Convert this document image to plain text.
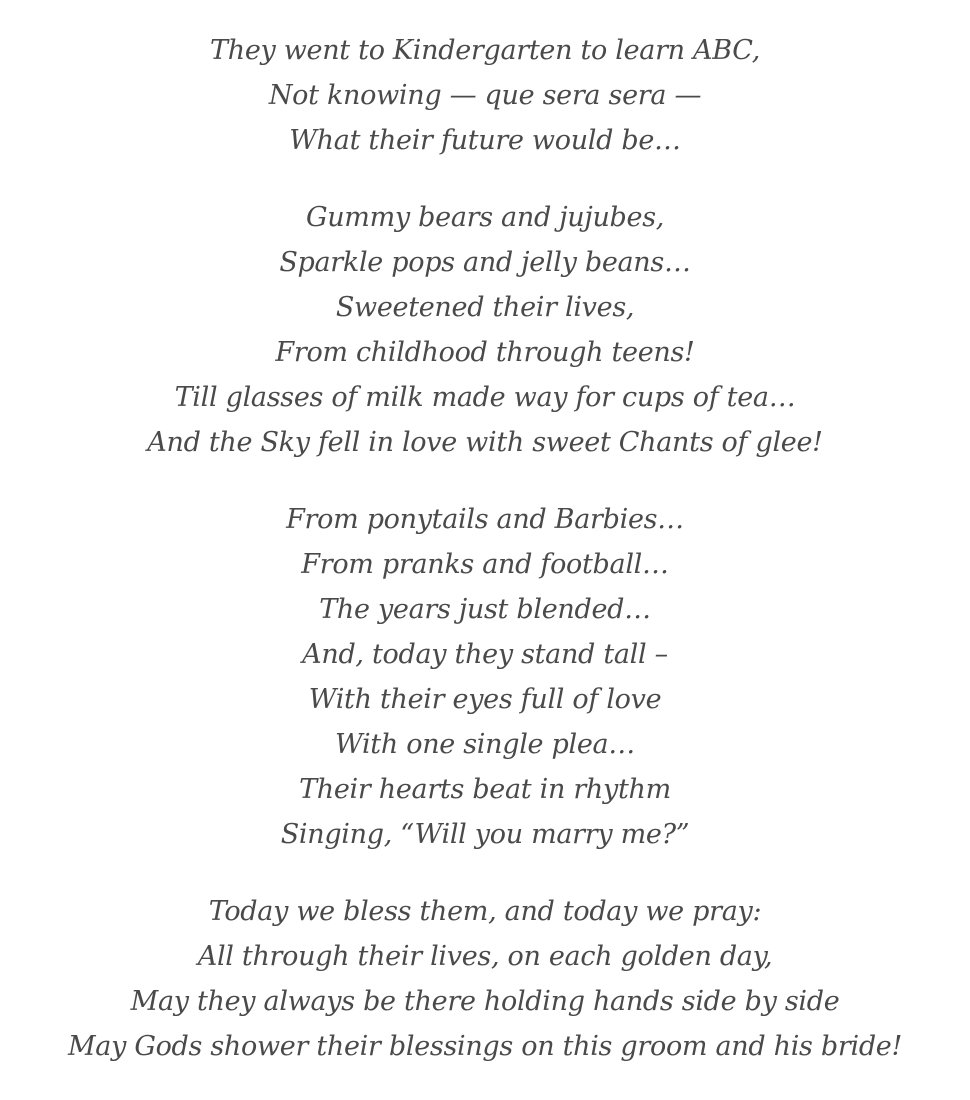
They went to Kindergarten to learn ABC,
Not knowing — que sera sera —
What their future would be…
Gummy bears and jujubes,
Sparkle pops and jelly beans…
Sweetened their lives,
From childhood through teens!
Till glasses of milk made way for cups of tea…
And the Sky fell in love with sweet Chants of glee!
From ponytails and Barbies…
From pranks and football…
The years just blended…
And, today they stand tall –
With their eyes full of love
With one single plea…
Their hearts beat in rhythm
Singing, “Will you marry me?”
Today we bless them, and today we pray:
All through their lives, on each golden day,
May they always be there holding hands side by side
May Gods shower their blessings on this groom and his bride!
